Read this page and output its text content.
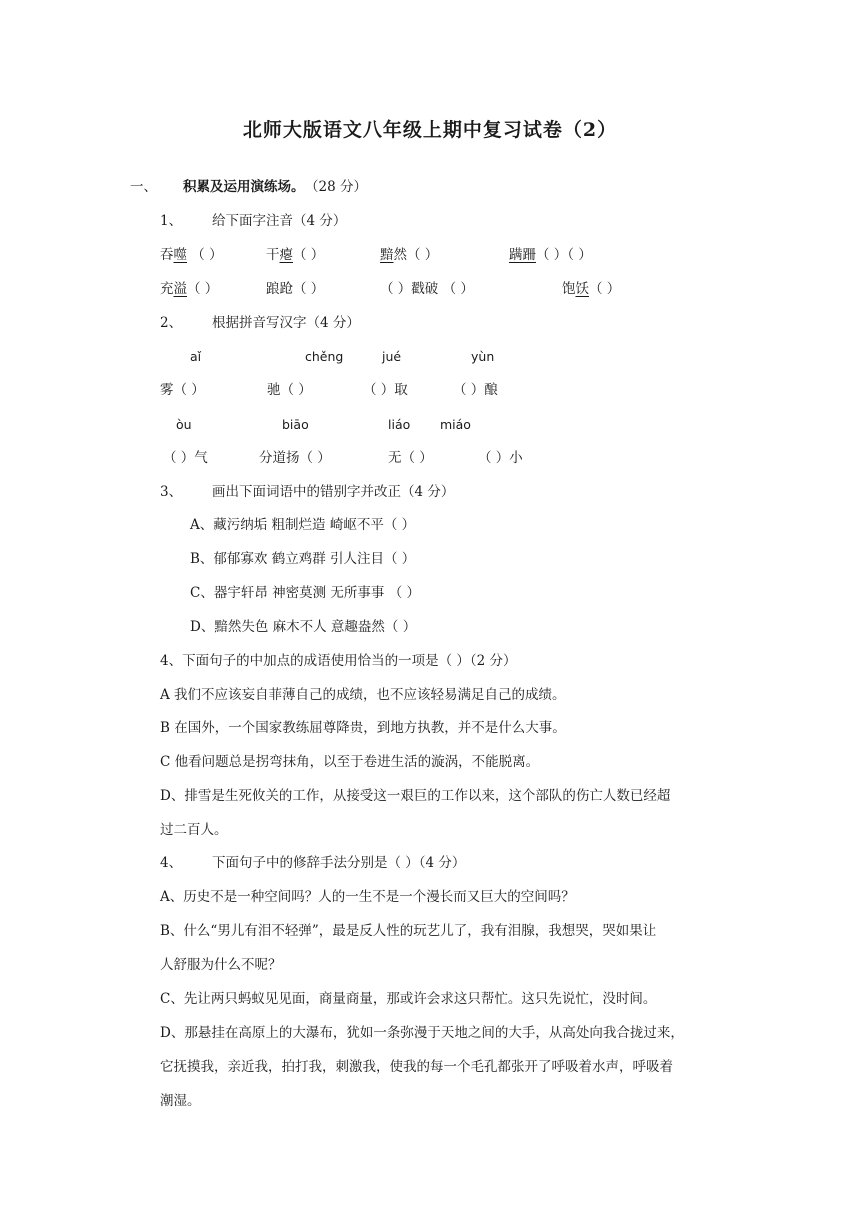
北师大版语文八年级上期中复习试卷（2）
一、 积累及运用演练场。 （28 分）
1、 给下面字注音（4 分）
吞噬 （ ）	干瘪（ ）	黯然（ ）	蹒跚（ ）（ ）
充溢（ ）	踉跄（ ）	（ ）戳破 （ ）	饱饫（ ）
2、 根据拼音写汉字（4 分）
aǐ	chěng	jué	yùn
雾（ ）	驰（ ）	（ ）取	（ ）酿
òu	biāo	liáo miáo
（ ）气	分道扬（ ）	无（ ）	（ ）小
3、 画出下面词语中的错别字并改正（4 分）
A、藏污纳垢 粗制烂造 崎岖不平（ ）
B、郁郁寡欢 鹤立鸡群 引人注目（ ）
C、器宇轩昂 神密莫测 无所事事 （ ）
D、黯然失色 麻木不人 意趣盎然（ ）
4、下面句子的中加点的成语使用恰当的一项是（ ）（2 分）
A 我们不应该妄自菲薄自己的成绩，也不应该轻易满足自己的成绩。
B 在国外，一个国家教练屈尊降贵，到地方执教，并不是什么大事。
C 他看问题总是拐弯抹角，以至于卷进生活的漩涡，不能脱离。
D、排雪是生死攸关的工作，从接受这一艰巨的工作以来，这个部队的伤亡人数已经超
过二百人。
4、 下面句子中的修辞手法分别是（ ）（4 分）
A、历史不是一种空间吗？人的一生不是一个漫长而又巨大的空间吗？
B、什么“男儿有泪不轻弹”，最是反人性的玩艺儿了，我有泪腺，我想哭，哭如果让
人舒服为什么不呢？
C、先让两只蚂蚁见见面，商量商量，那或许会求这只帮忙。这只先说忙，没时间。
D、那悬挂在高原上的大瀑布，犹如一条弥漫于天地之间的大手，从高处向我合拢过来，
它抚摸我，亲近我，拍打我，刺激我，使我的每一个毛孔都张开了呼吸着水声，呼吸着
潮湿。
